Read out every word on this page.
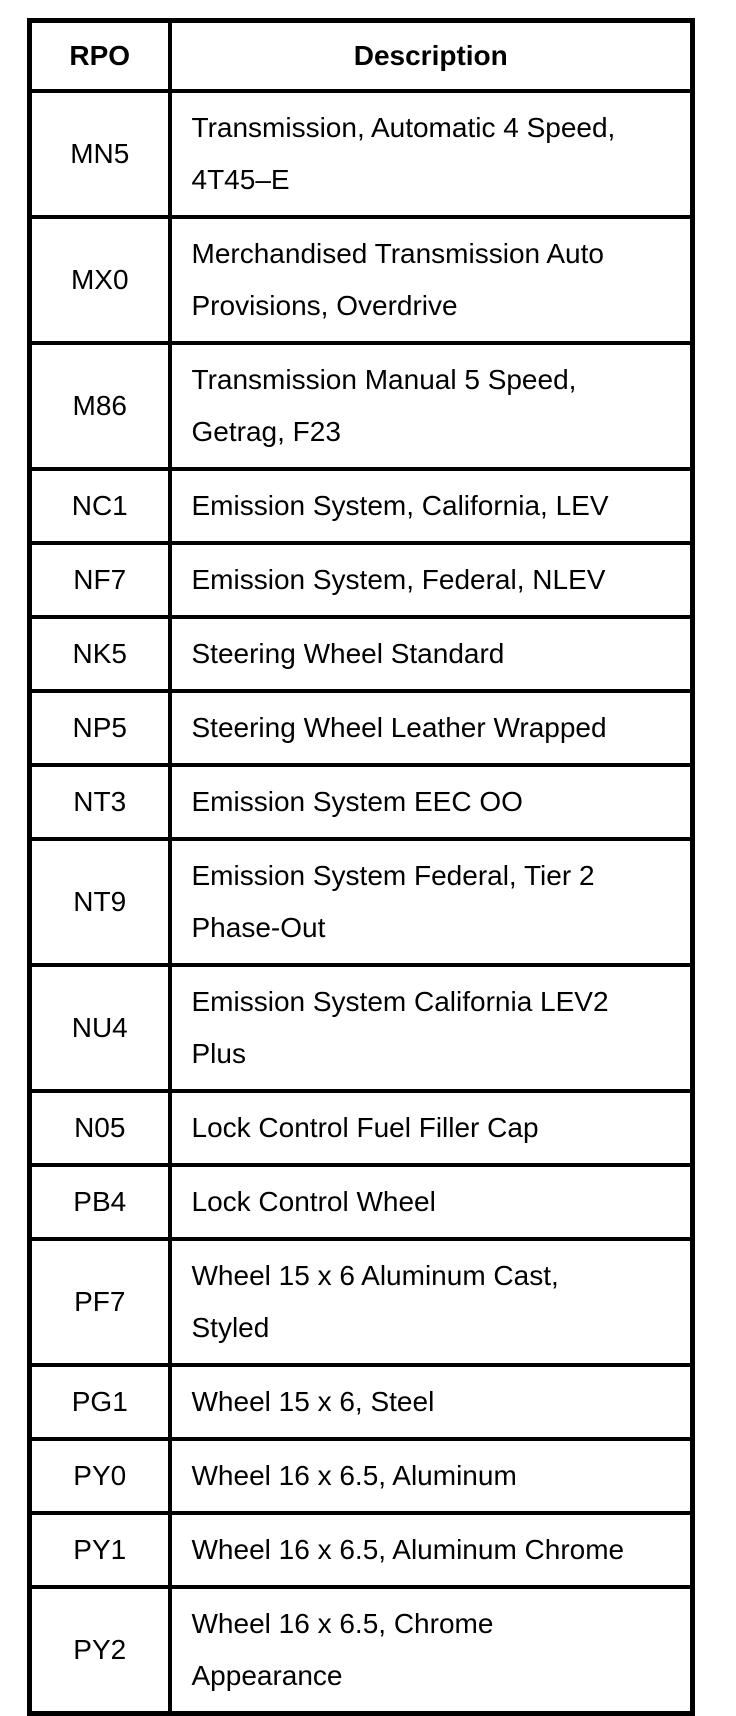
RPO	Description
MN5	Transmission, Automatic 4 Speed, 4T45–E
MX0	Merchandised Transmission Auto Provisions, Overdrive
M86	Transmission Manual 5 Speed, Getrag, F23
NC1	Emission System, California, LEV
NF7	Emission System, Federal, NLEV
NK5	Steering Wheel Standard
NP5	Steering Wheel Leather Wrapped
NT3	Emission System EEC OO
NT9	Emission System Federal, Tier 2 Phase-Out
NU4	Emission System California LEV2 Plus
N05	Lock Control Fuel Filler Cap
PB4	Lock Control Wheel
PF7	Wheel 15 x 6 Aluminum Cast, Styled
PG1	Wheel 15 x 6, Steel
PY0	Wheel 16 x 6.5, Aluminum
PY1	Wheel 16 x 6.5, Aluminum Chrome
PY2	Wheel 16 x 6.5, Chrome Appearance
